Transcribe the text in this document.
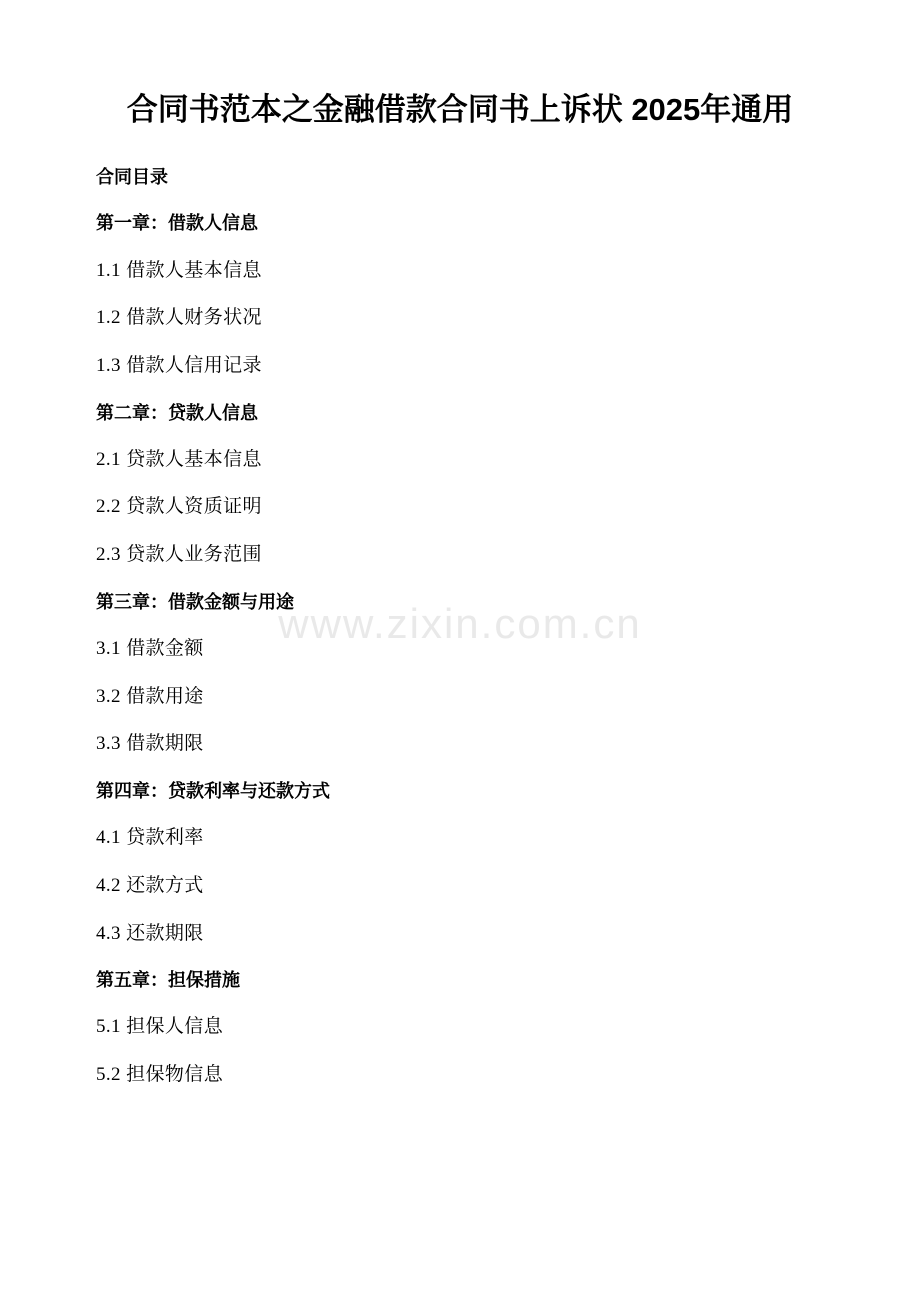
www.zixin.com.cn
合同书范本之金融借款合同书上诉状 2025年通用
合同目录
第一章：借款人信息
1.1 借款人基本信息
1.2 借款人财务状况
1.3 借款人信用记录
第二章：贷款人信息
2.1 贷款人基本信息
2.2 贷款人资质证明
2.3 贷款人业务范围
第三章：借款金额与用途
3.1 借款金额
3.2 借款用途
3.3 借款期限
第四章：贷款利率与还款方式
4.1 贷款利率
4.2 还款方式
4.3 还款期限
第五章：担保措施
5.1 担保人信息
5.2 担保物信息
